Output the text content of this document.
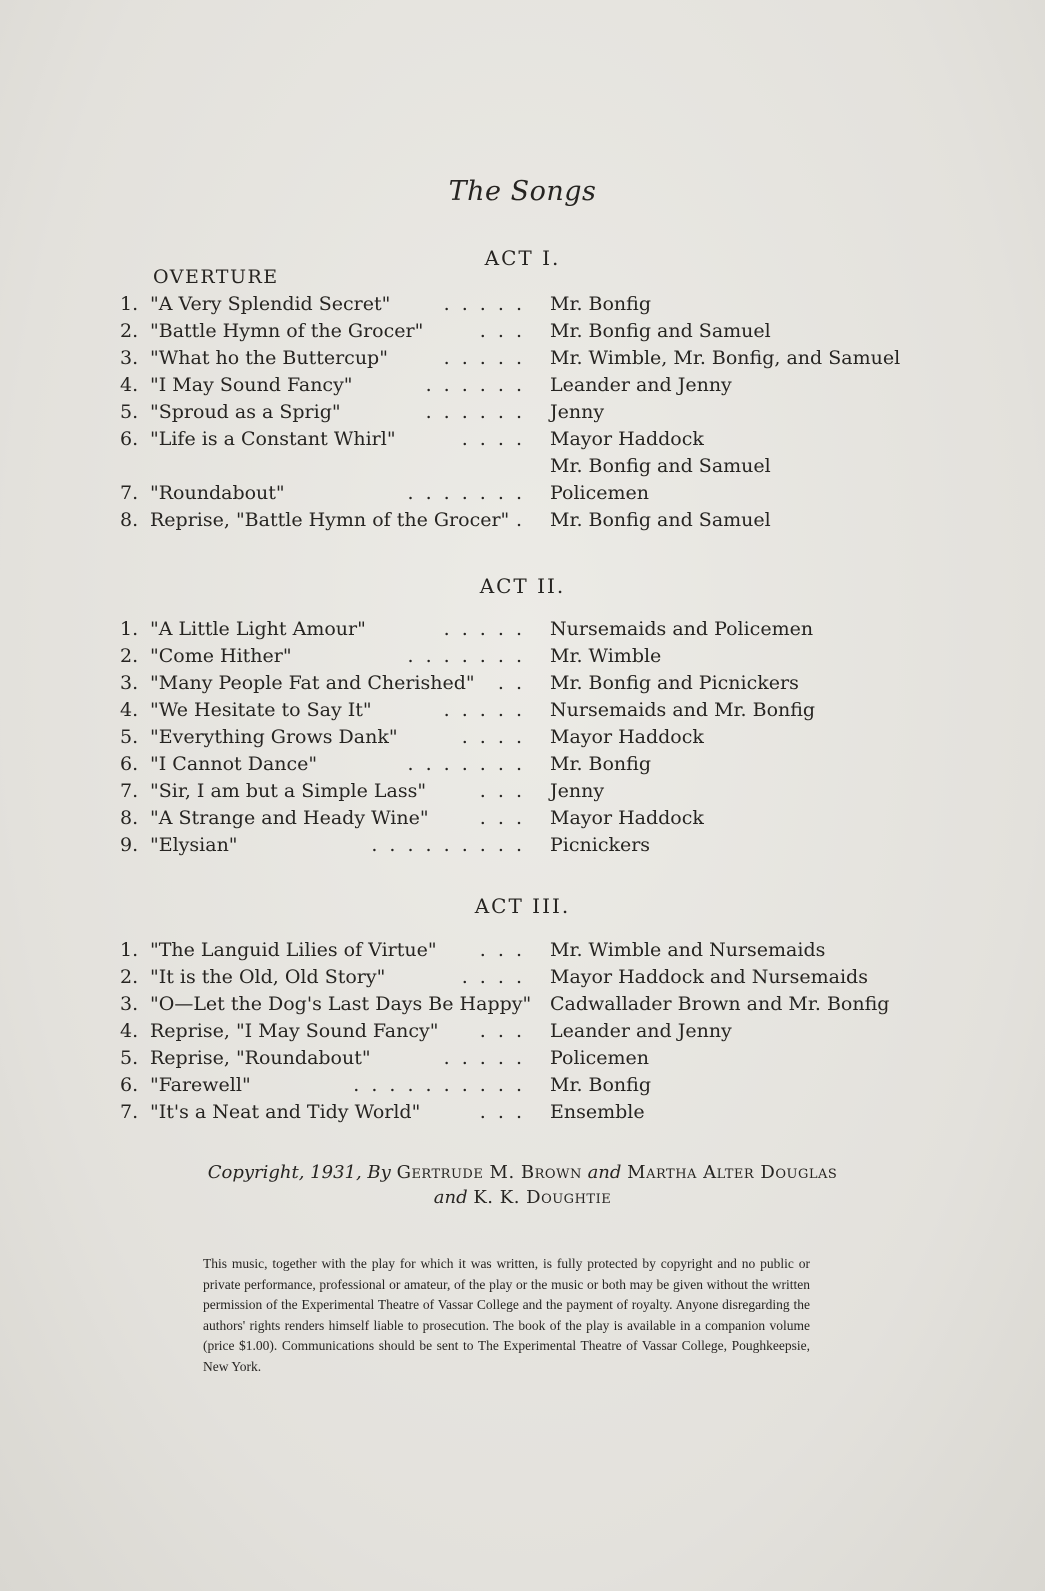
The Songs
ACT I.
OVERTURE
1. "A Very Splendid Secret"	. . . . . Mr. Bonfig
2. "Battle Hymn of the Grocer"	. . . Mr. Bonfig and Samuel
3. "What ho the Buttercup"	. . . . . Mr. Wimble, Mr. Bonfig, and Samuel
4. "I May Sound Fancy"	. . . . . . Leander and Jenny
5. "Sproud as a Sprig"	. . . . . . Jenny
6. "Life is a Constant Whirl"	. . . . Mayor Haddock
Mr. Bonfig and Samuel
7. "Roundabout"	. . . . . . . Policemen
8. Reprise, "Battle Hymn of the Grocer" . Mr. Bonfig and Samuel
ACT II.
1. "A Little Light Amour"	. . . . . Nursemaids and Policemen
2. "Come Hither"	. . . . . . . Mr. Wimble
3. "Many People Fat and Cherished" . . Mr. Bonfig and Picnickers
4. "We Hesitate to Say It"	. . . . . Nursemaids and Mr. Bonfig
5. "Everything Grows Dank"	. . . . Mayor Haddock
6. "I Cannot Dance"	. . . . . . . Mr. Bonfig
7. "Sir, I am but a Simple Lass"	. . . Jenny
8. "A Strange and Heady Wine"	. . . Mayor Haddock
9. "Elysian"	. . . . . . . . . Picnickers
ACT III.
1. "The Languid Lilies of Virtue" . . . Mr. Wimble and Nursemaids
2. "It is the Old, Old Story"	. . . . Mayor Haddock and Nursemaids
3. "O—Let the Dog's Last Days Be Happy" Cadwallader Brown and Mr. Bonfig
4. Reprise, "I May Sound Fancy" . . . Leander and Jenny
5. Reprise, "Roundabout"	. . . . . Policemen
6. "Farewell"	. . . . . . . . . . Mr. Bonfig
7. "It's a Neat and Tidy World"	. . . Ensemble
Copyright, 1931, By Gertrude M. Brown and Martha Alter Douglas
and K. K. Doughtie
This music, together with the play for which it was written, is fully protected by copyright and no public or private performance, professional or amateur, of the play or the music or both may be given without the written permission of the Experimental Theatre of Vassar College and the payment of royalty. Anyone disregarding the authors' rights renders himself liable to prosecution. The book of the play is available in a companion volume (price $1.00). Communications should be sent to The Experimental Theatre of Vassar College, Poughkeepsie, New York.
